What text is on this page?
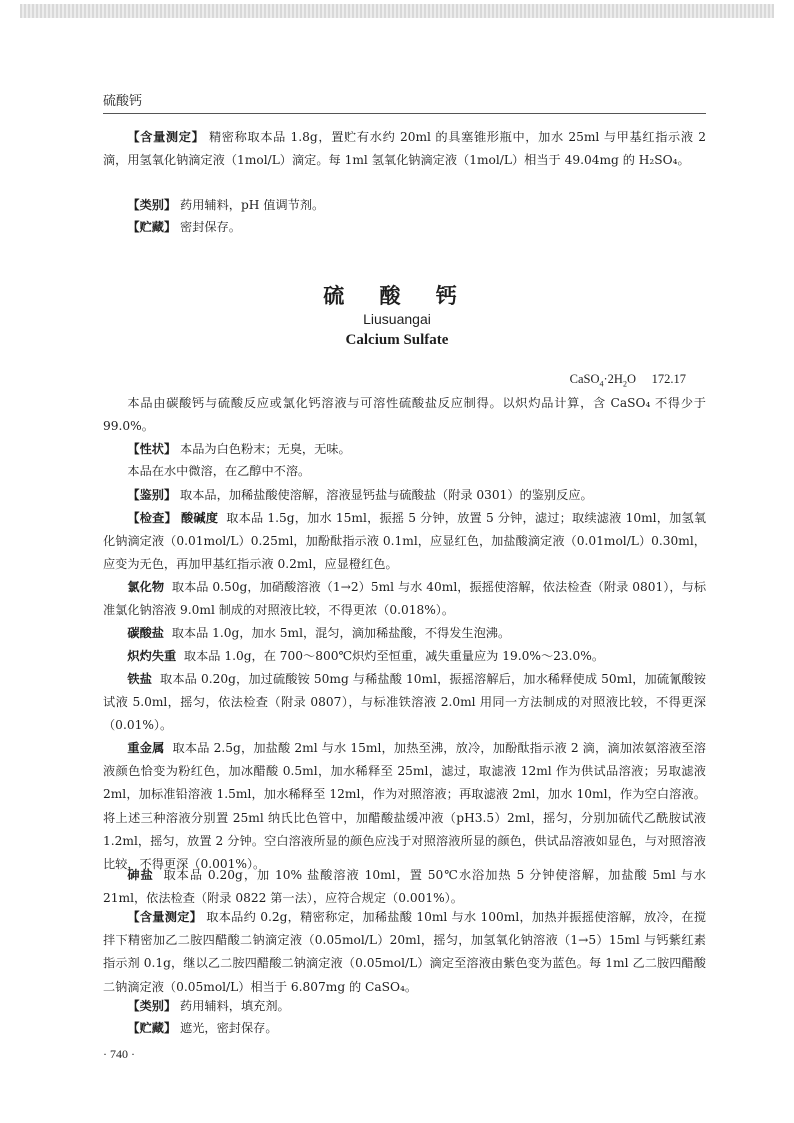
硫酸钙

【含量测定】 精密称取本品 1.8g，置贮有水约 20ml 的具塞锥形瓶中，加水 25ml 与甲基红指示液 2 滴，用氢氧化钠滴定液（1mol/L）滴定。每 1ml 氢氧化钠滴定液（1mol/L）相当于 49.04mg 的 H₂SO₄。

【类别】 药用辅料，pH 值调节剂。

【贮藏】 密封保存。

硫 酸 钙
Liusuangai
Calcium Sulfate
$CaSO_4\cdot 2H_2O$ 172.17

本品由碳酸钙与硫酸反应或氯化钙溶液与可溶性硫酸盐反应制得。以炽灼品计算，含 CaSO₄ 不得少于 99.0%。

【性状】 本品为白色粉末；无臭，无味。

本品在水中微溶，在乙醇中不溶。

【鉴别】 取本品，加稀盐酸使溶解，溶液显钙盐与硫酸盐（附录 0301）的鉴别反应。

【检查】 酸碱度 取本品 1.5g，加水 15ml，振摇 5 分钟，放置 5 分钟，滤过；取续滤液 10ml，加氢氧化钠滴定液（0.01mol/L）0.25ml，加酚酞指示液 0.1ml，应显红色，加盐酸滴定液（0.01mol/L）0.30ml，应变为无色，再加甲基红指示液 0.2ml，应显橙红色。

氯化物 取本品 0.50g，加硝酸溶液（1→2）5ml 与水 40ml，振摇使溶解，依法检查（附录 0801），与标准氯化钠溶液 9.0ml 制成的对照液比较，不得更浓（0.018%）。

碳酸盐 取本品 1.0g，加水 5ml，混匀，滴加稀盐酸，不得发生泡沸。

炽灼失重 取本品 1.0g，在 700～800℃炽灼至恒重，减失重量应为 19.0%～23.0%。

铁盐 取本品 0.20g，加过硫酸铵 50mg 与稀盐酸 10ml，振摇溶解后，加水稀释使成 50ml，加硫氰酸铵试液 5.0ml，摇匀，依法检查（附录 0807），与标准铁溶液 2.0ml 用同一方法制成的对照液比较，不得更深（0.01%）。

重金属 取本品 2.5g，加盐酸 2ml 与水 15ml，加热至沸，放冷，加酚酞指示液 2 滴，滴加浓氨溶液至溶液颜色恰变为粉红色，加冰醋酸 0.5ml，加水稀释至 25ml，滤过，取滤液 12ml 作为供试品溶液；另取滤液 2ml，加标准铅溶液 1.5ml，加水稀释至 12ml，作为对照溶液；再取滤液 2ml，加水 10ml，作为空白溶液。将上述三种溶液分别置 25ml 纳氏比色管中，加醋酸盐缓冲液（pH3.5）2ml，摇匀，分别加硫代乙酰胺试液 1.2ml，摇匀，放置 2 分钟。空白溶液所显的颜色应浅于对照溶液所显的颜色，供试品溶液如显色，与对照溶液比较，不得更深（0.001%）。

砷盐 取本品 0.20g，加 10% 盐酸溶液 10ml，置 50℃水浴加热 5 分钟使溶解，加盐酸 5ml 与水 21ml，依法检查（附录 0822 第一法），应符合规定（0.001%）。

【含量测定】 取本品约 0.2g，精密称定，加稀盐酸 10ml 与水 100ml，加热并振摇使溶解，放冷，在搅拌下精密加乙二胺四醋酸二钠滴定液（0.05mol/L）20ml，摇匀，加氢氧化钠溶液（1→5）15ml 与钙紫红素指示剂 0.1g，继以乙二胺四醋酸二钠滴定液（0.05mol/L）滴定至溶液由紫色变为蓝色。每 1ml 乙二胺四醋酸二钠滴定液（0.05mol/L）相当于 6.807mg 的 CaSO₄。

【类别】 药用辅料，填充剂。

【贮藏】 遮光，密封保存。

· 740 ·
